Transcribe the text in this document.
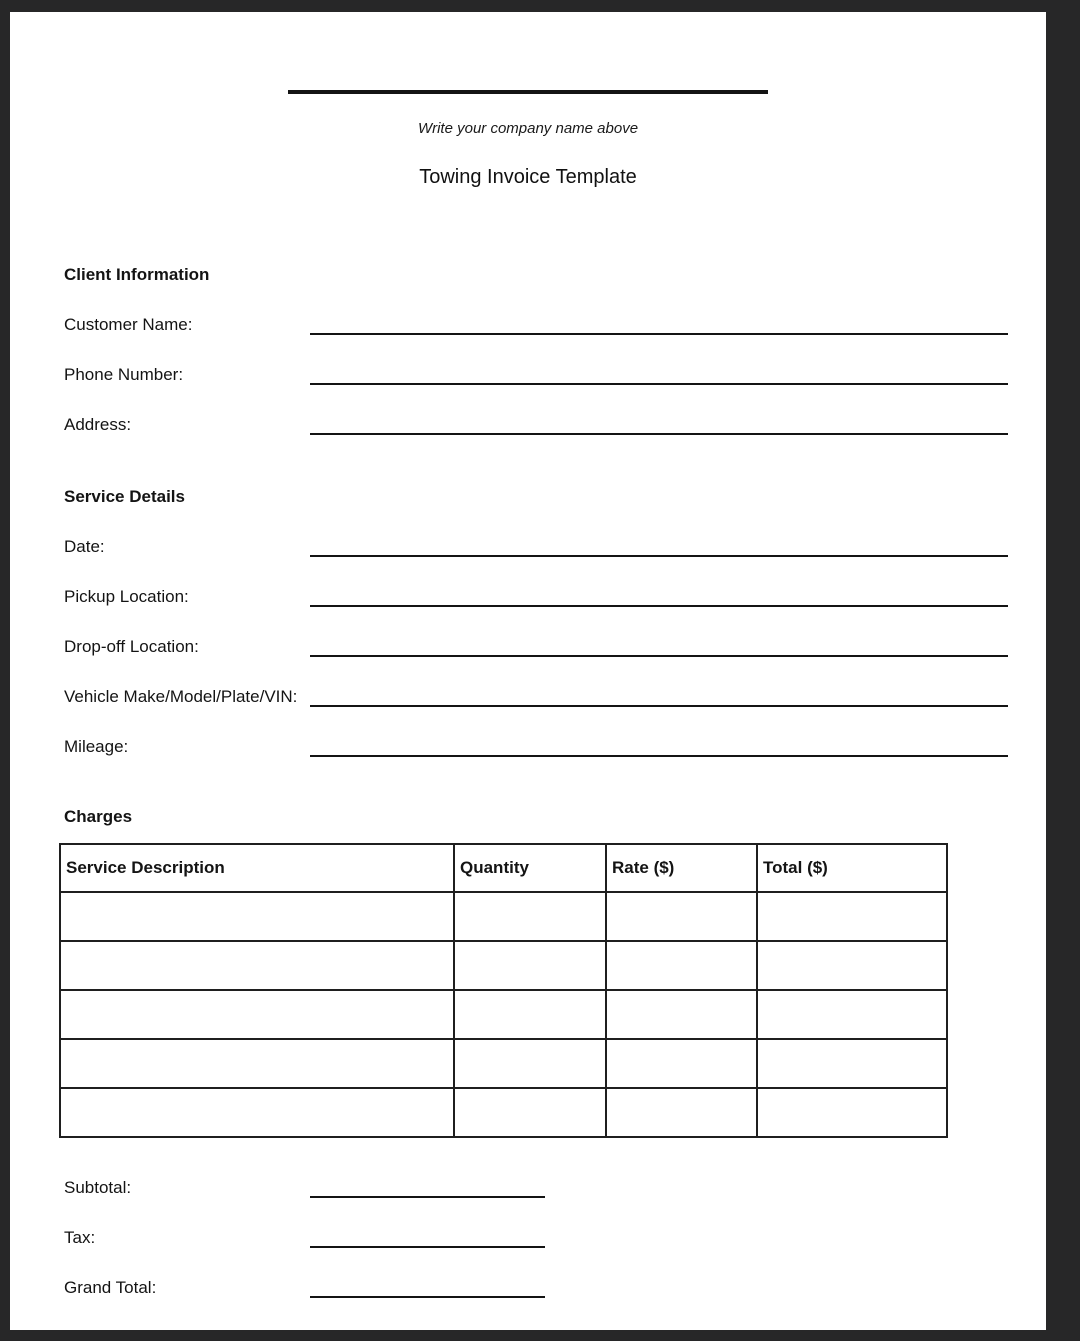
Write your company name above
Towing Invoice Template
Client Information
Customer Name:
Phone Number:
Address:
Service Details
Date:
Pickup Location:
Drop-off Location:
Vehicle Make/Model/Plate/VIN:
Mileage:
Charges
Service Description	Quantity	Rate ($)	Total ($)

Subtotal:
Tax:
Grand Total:
